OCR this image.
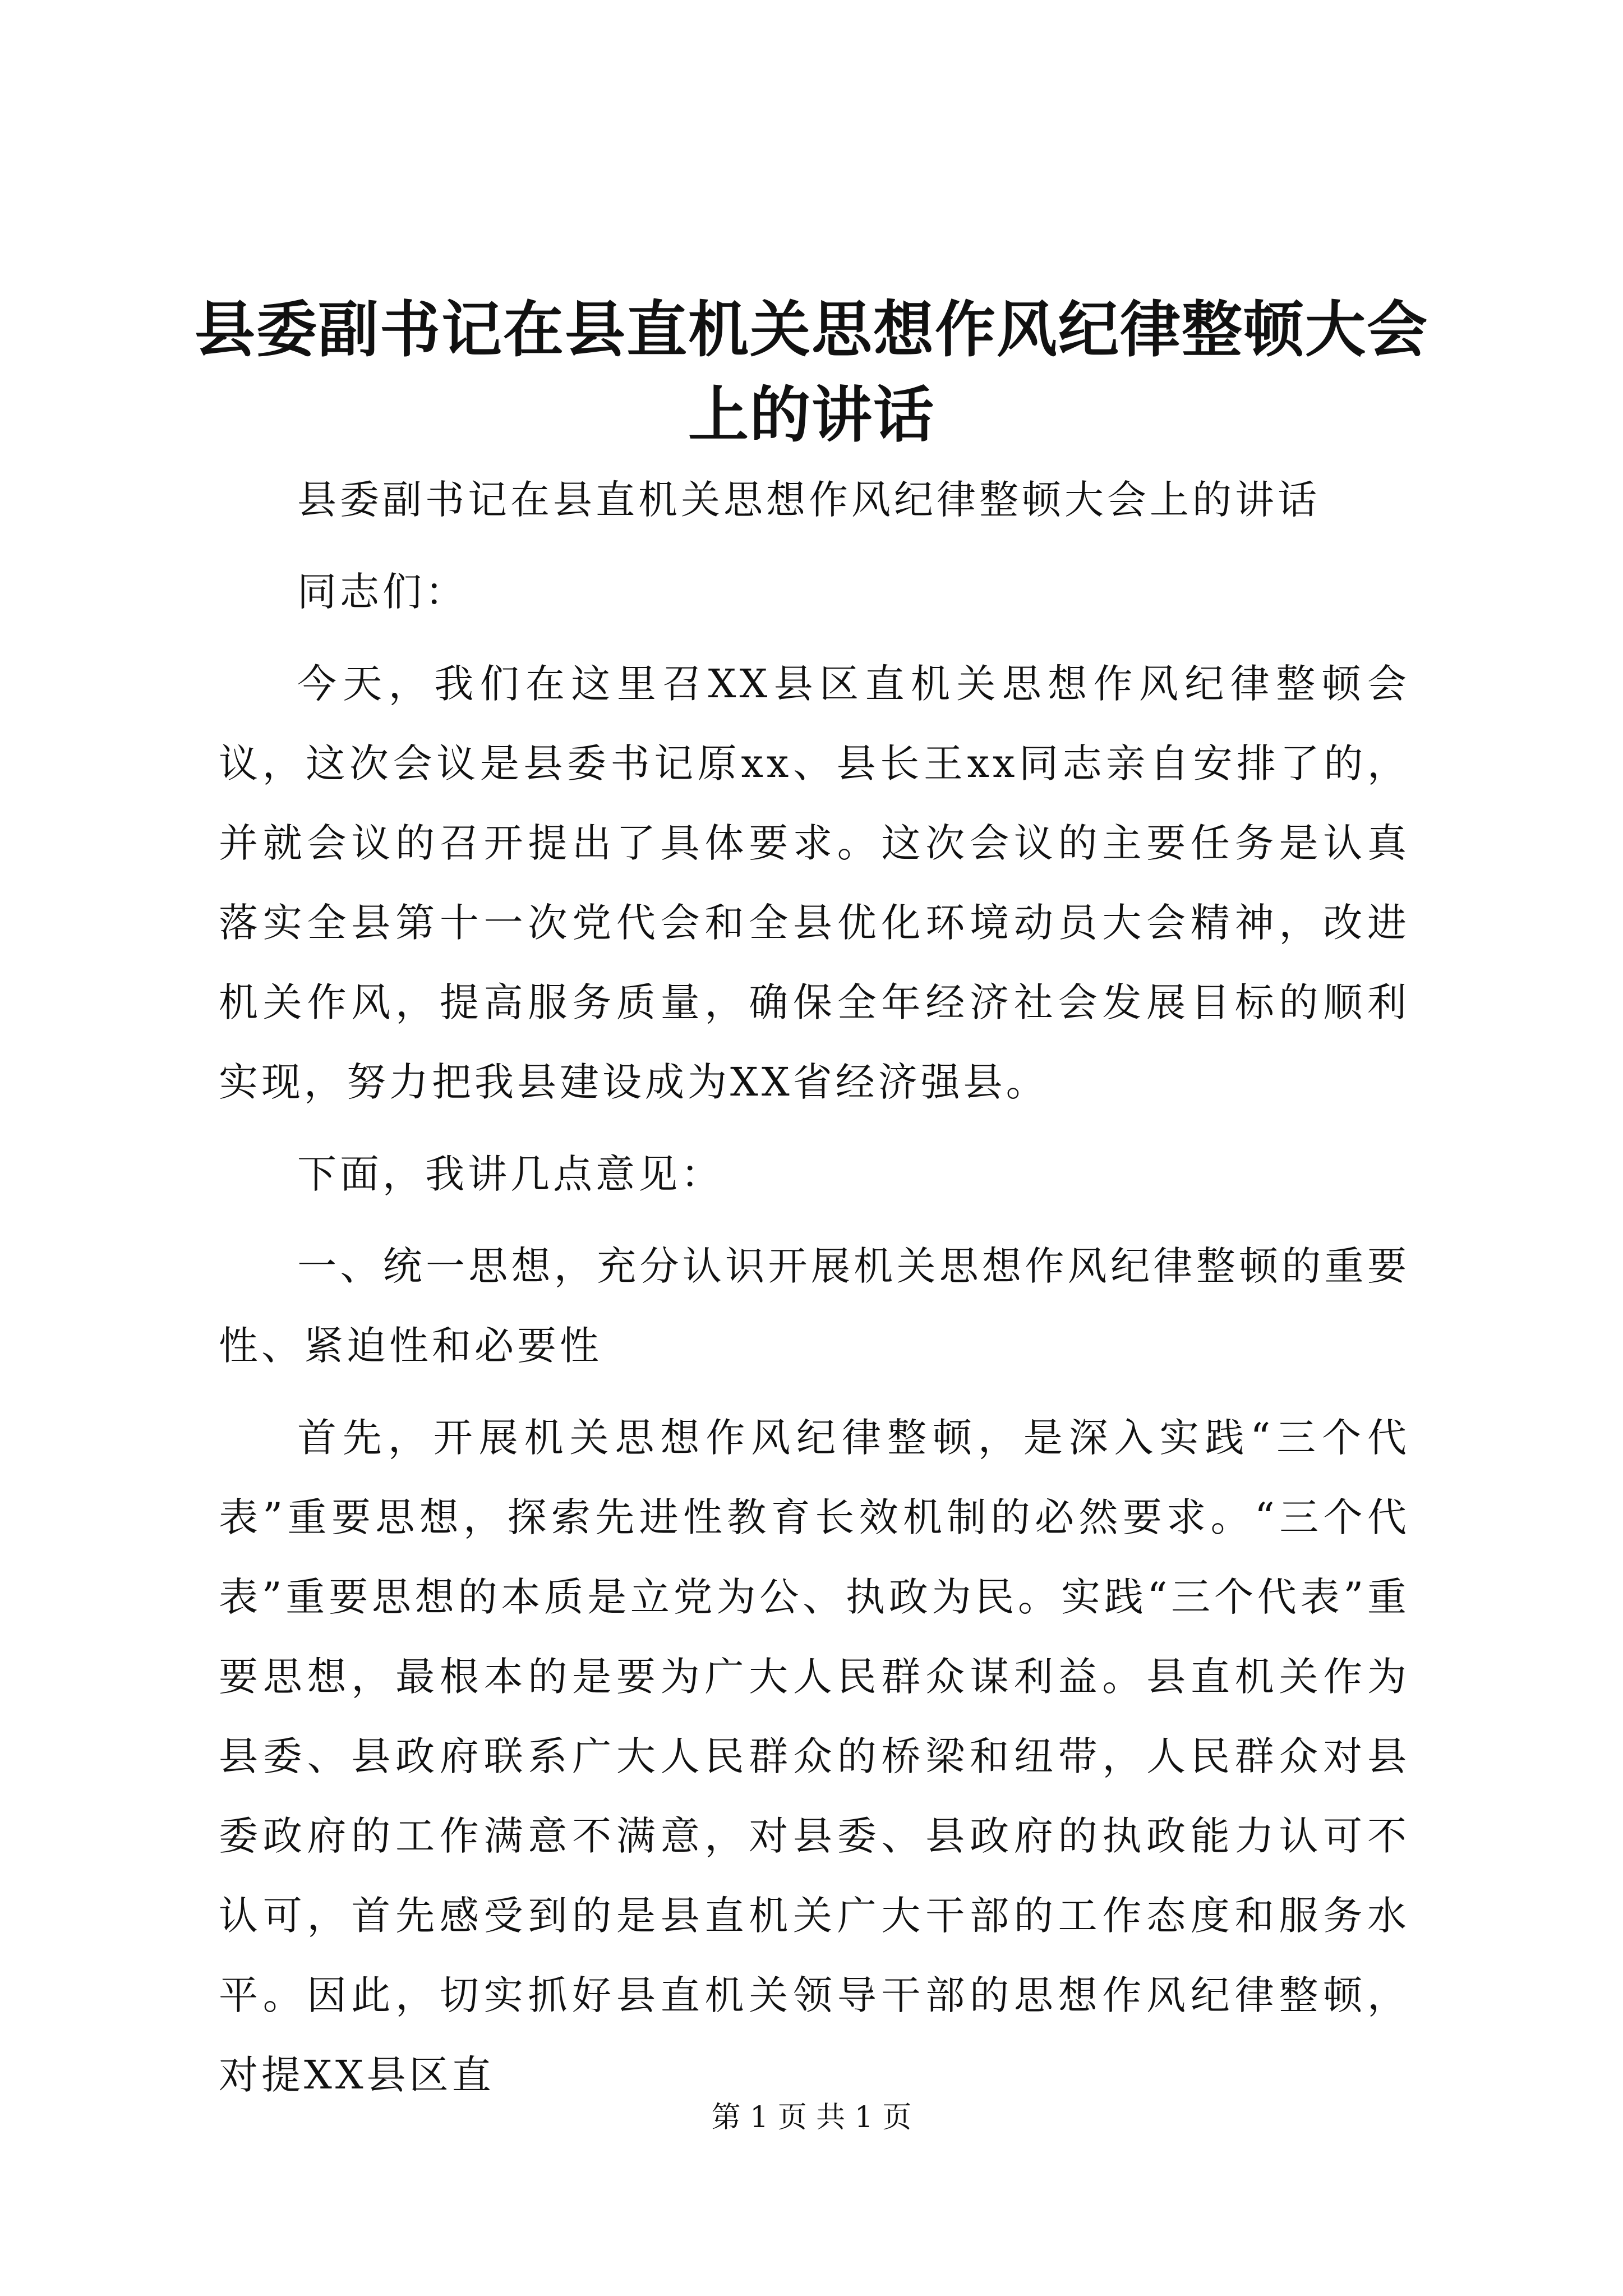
县委副书记在县直机关思想作风纪律整顿大会上的讲话

县委副书记在县直机关思想作风纪律整顿大会上的讲话

同志们：

今天，我们在这里召XX县区直机关思想作风纪律整顿会议，这次会议是县委书记原xx、县长王xx同志亲自安排了的，并就会议的召开提出了具体要求。这次会议的主要任务是认真落实全县第十一次党代会和全县优化环境动员大会精神，改进机关作风，提高服务质量，确保全年经济社会发展目标的顺利实现，努力把我县建设成为XX省经济强县。

下面，我讲几点意见：

一、统一思想，充分认识开展机关思想作风纪律整顿的重要性、紧迫性和必要性

首先，开展机关思想作风纪律整顿，是深入实践“三个代表”重要思想，探索先进性教育长效机制的必然要求。“三个代表”重要思想的本质是立党为公、执政为民。实践“三个代表”重要思想，最根本的是要为广大人民群众谋利益。县直机关作为县委、县政府联系广大人民群众的桥梁和纽带，人民群众对县委政府的工作满意不满意，对县委、县政府的执政能力认可不认可，首先感受到的是县直机关广大干部的工作态度和服务水平。因此，切实抓好县直机关领导干部的思想作风纪律整顿，对提XX县区直

第 1 页 共 1 页
